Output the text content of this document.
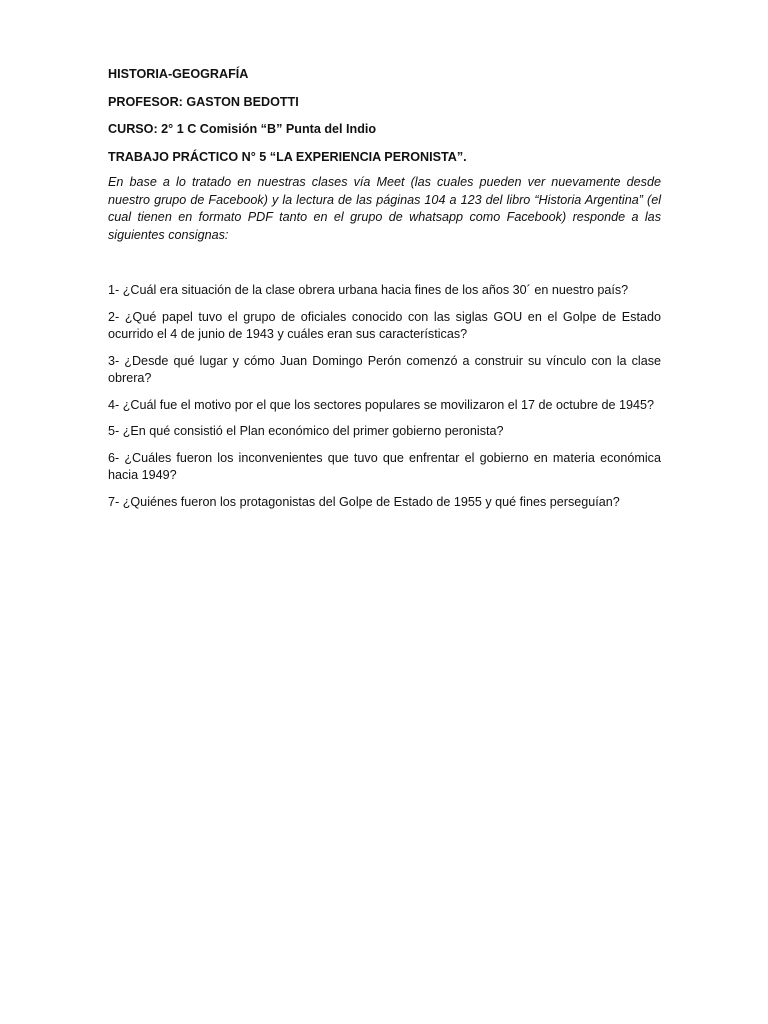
HISTORIA-GEOGRAFÍA

PROFESOR: GASTON BEDOTTI

CURSO: 2° 1 C Comisión “B” Punta del Indio

TRABAJO PRÁCTICO N° 5 “LA EXPERIENCIA PERONISTA”.

En base a lo tratado en nuestras clases vía Meet (las cuales pueden ver nuevamente desde nuestro grupo de Facebook) y la lectura de las páginas 104 a 123 del libro “Historia Argentina” (el cual tienen en formato PDF tanto en el grupo de whatsapp como Facebook) responde a las siguientes consignas:

1- ¿Cuál era situación de la clase obrera urbana hacia fines de los años 30´ en nuestro país?

2- ¿Qué papel tuvo el grupo de oficiales conocido con las siglas GOU en el Golpe de Estado ocurrido el 4 de junio de 1943 y cuáles eran sus características?

3- ¿Desde qué lugar y cómo Juan Domingo Perón comenzó a construir su vínculo con la clase obrera?

4- ¿Cuál fue el motivo por el que los sectores populares se movilizaron el 17 de octubre de 1945?

5- ¿En qué consistió el Plan económico del primer gobierno peronista?

6- ¿Cuáles fueron los inconvenientes que tuvo que enfrentar el gobierno en materia económica hacia 1949?

7- ¿Quiénes fueron los protagonistas del Golpe de Estado de 1955 y qué fines perseguían?
